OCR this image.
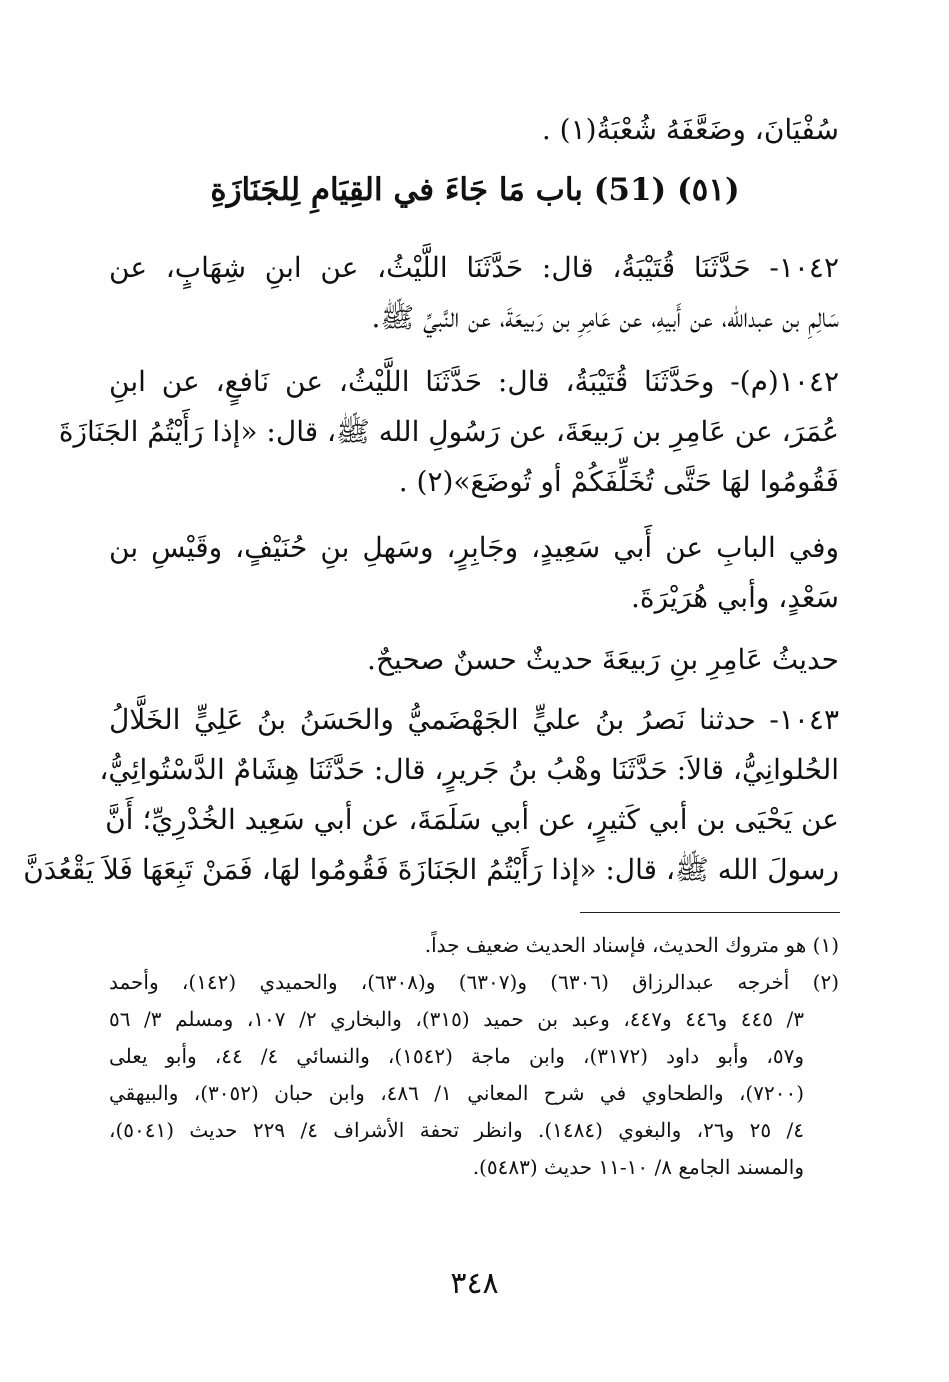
سُفْيَانَ، وضَعَّفَهُ شُعْبَةُ(١) .
(٥١) (51) باب مَا جَاءَ في القِيَامِ لِلجَنَازَةِ
١٠٤٢- حَدَّثَنَا قُتَيْبَةُ، قال: حَدَّثَنَا اللَّيْثُ، عن ابنِ شِهَابٍ، عن
سَالِمِ بن عبدالله، عن أَبيهِ، عن عَامِرِ بن رَبيعَةَ، عن النَّبيِّ ﷺ.
١٠٤٢(م)- وحَدَّثَنَا قُتَيْبَةُ، قال: حَدَّثَنَا اللَّيْثُ، عن نَافعٍ، عن ابنِ
عُمَرَ، عن عَامِرِ بن رَبيعَةَ، عن رَسُولِ الله ﷺ، قال: «إذا رَأَيْتُمُ الجَنَازَةَ
فَقُومُوا لهَا حَتَّى تُخَلِّفَكُمْ أو تُوضَعَ»(٢) .
وفي البابِ عن أَبي سَعِيدٍ، وجَابِرٍ، وسَهلِ بنِ حُنَيْفٍ، وقَيْسِ بن
سَعْدٍ، وأبي هُرَيْرَةَ.
حديثُ عَامِرِ بنِ رَبيعَةَ حديثٌ حسنٌ صحيحٌ.
١٠٤٣- حدثنا نَصرُ بنُ عليٍّ الجَهْضَميُّ والحَسَنُ بنُ عَلِيٍّ الخَلَّالُ
الحُلوانِيُّ، قالاَ: حَدَّثَنَا وهْبُ بنُ جَريرٍ، قال: حَدَّثَنَا هِشَامٌ الدَّسْتُوائِيُّ،
عن يَحْيَى بن أبي كَثيرٍ، عن أبي سَلَمَةَ، عن أبي سَعِيد الخُدْرِيِّ؛ أَنَّ
رسولَ الله ﷺ، قال: «إذا رَأَيْتُمُ الجَنَازَةَ فَقُومُوا لهَا، فَمَنْ تَبِعَهَا فَلاَ يَقْعُدَنَّ
(١) هو متروك الحديث، فإسناد الحديث ضعيف جداً.
(٢) أخرجه عبدالرزاق (٦٣٠٦) و(٦٣٠٧) و(٦٣٠٨)، والحميدي (١٤٢)، وأحمد
٣/ ٤٤٥ و٤٤٦ و٤٤٧، وعبد بن حميد (٣١٥)، والبخاري ٢/ ١٠٧، ومسلم ٣/ ٥٦
و٥٧، وأبو داود (٣١٧٢)، وابن ماجة (١٥٤٢)، والنسائي ٤/ ٤٤، وأبو يعلى
(٧٢٠٠)، والطحاوي في شرح المعاني ١/ ٤٨٦، وابن حبان (٣٠٥٢)، والبيهقي
٤/ ٢٥ و٢٦، والبغوي (١٤٨٤). وانظر تحفة الأشراف ٤/ ٢٢٩ حديث (٥٠٤١)،
والمسند الجامع ٨/ ١٠-١١ حديث (٥٤٨٣).
٣٤٨
